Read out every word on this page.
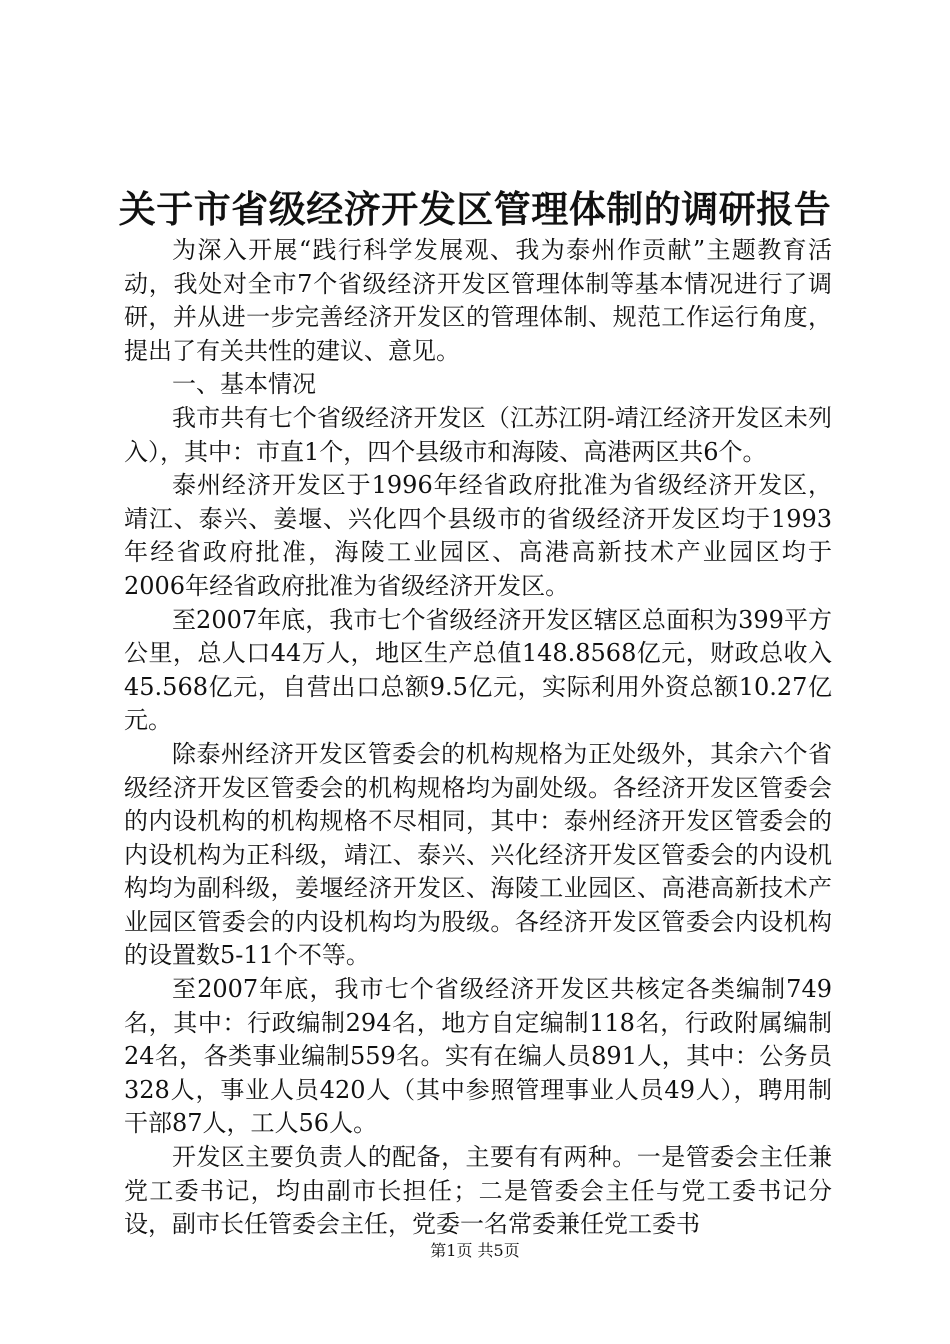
关于市省级经济开发区管理体制的调研报告

为深入开展“践行科学发展观、我为泰州作贡献”主题教育活动，我处对全市7个省级经济开发区管理体制等基本情况进行了调研，并从进一步完善经济开发区的管理体制、规范工作运行角度，提出了有关共性的建议、意见。

一、基本情况

我市共有七个省级经济开发区（江苏江阴-靖江经济开发区未列入），其中：市直1个，四个县级市和海陵、高港两区共6个。

泰州经济开发区于1996年经省政府批准为省级经济开发区，靖江、泰兴、姜堰、兴化四个县级市的省级经济开发区均于1993年经省政府批准，海陵工业园区、高港高新技术产业园区均于2006年经省政府批准为省级经济开发区。

至2007年底，我市七个省级经济开发区辖区总面积为399平方公里，总人口44万人，地区生产总值148.8568亿元，财政总收入45.568亿元，自营出口总额9.5亿元，实际利用外资总额10.27亿元。

除泰州经济开发区管委会的机构规格为正处级外，其余六个省级经济开发区管委会的机构规格均为副处级。各经济开发区管委会的内设机构的机构规格不尽相同，其中：泰州经济开发区管委会的内设机构为正科级，靖江、泰兴、兴化经济开发区管委会的内设机构均为副科级，姜堰经济开发区、海陵工业园区、高港高新技术产业园区管委会的内设机构均为股级。各经济开发区管委会内设机构的设置数5-11个不等。

至2007年底，我市七个省级经济开发区共核定各类编制749名，其中：行政编制294名，地方自定编制118名，行政附属编制24名，各类事业编制559名。实有在编人员891人，其中：公务员328人，事业人员420人（其中参照管理事业人员49人），聘用制干部87人，工人56人。

开发区主要负责人的配备，主要有有两种。一是管委会主任兼党工委书记，均由副市长担任；二是管委会主任与党工委书记分设，副市长任管委会主任，党委一名常委兼任党工委书

第1页 共5页
